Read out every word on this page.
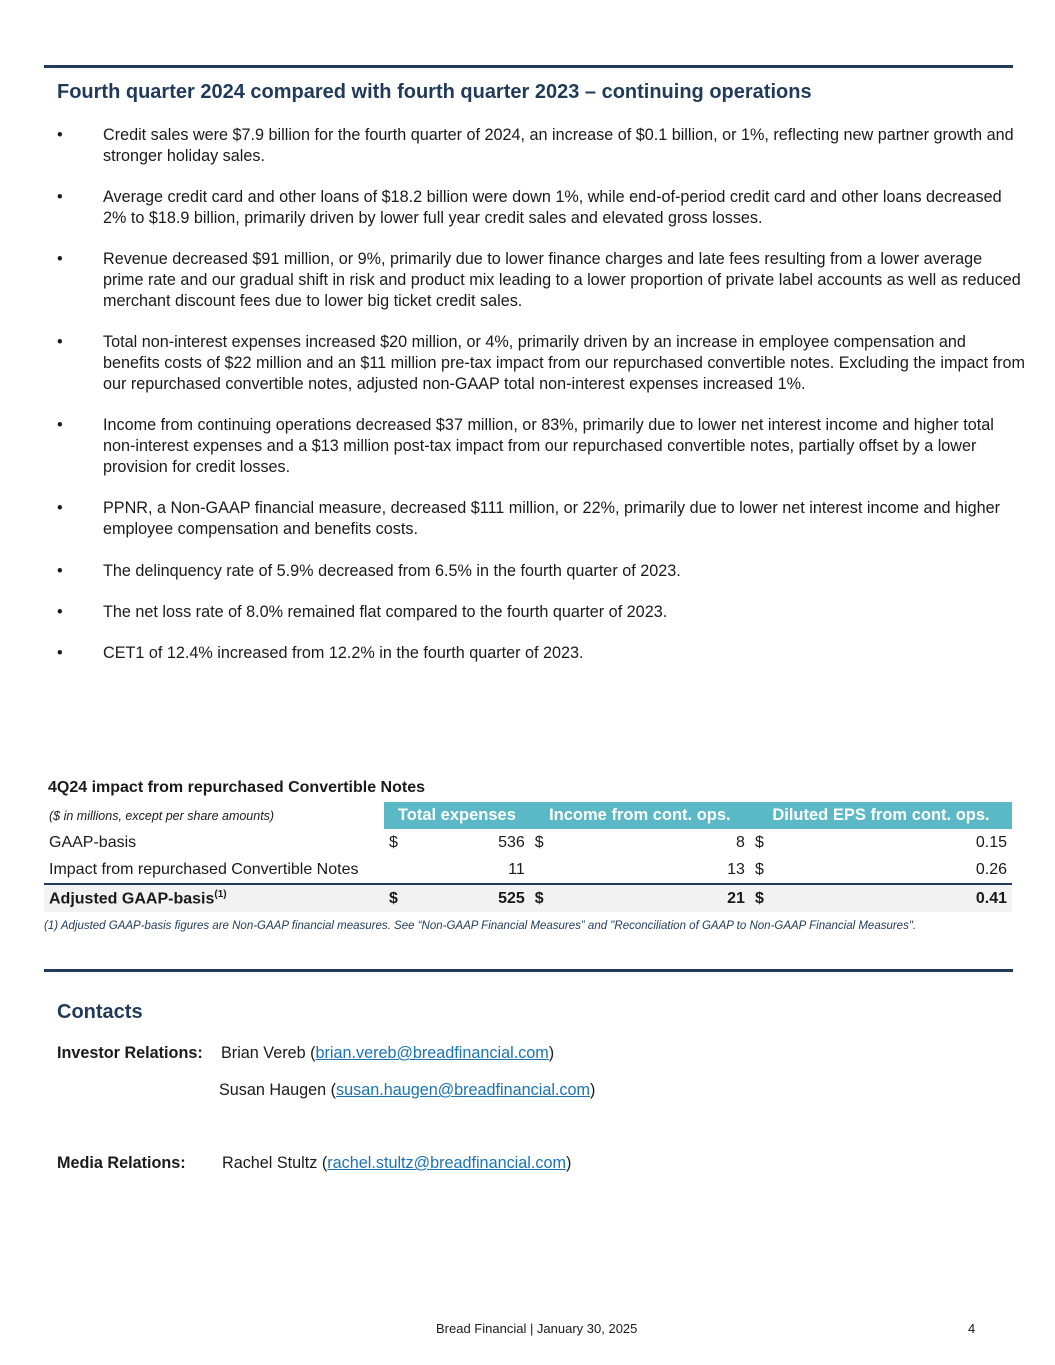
Fourth quarter 2024 compared with fourth quarter 2023 – continuing operations
• Credit sales were $7.9 billion for the fourth quarter of 2024, an increase of $0.1 billion, or 1%, reflecting new partner growth and stronger holiday sales.
• Average credit card and other loans of $18.2 billion were down 1%, while end-of-period credit card and other loans decreased 2% to $18.9 billion, primarily driven by lower full year credit sales and elevated gross losses.
• Revenue decreased $91 million, or 9%, primarily due to lower finance charges and late fees resulting from a lower average prime rate and our gradual shift in risk and product mix leading to a lower proportion of private label accounts as well as reduced merchant discount fees due to lower big ticket credit sales.
• Total non-interest expenses increased $20 million, or 4%, primarily driven by an increase in employee compensation and benefits costs of $22 million and an $11 million pre-tax impact from our repurchased convertible notes. Excluding the impact from our repurchased convertible notes, adjusted non-GAAP total non-interest expenses increased 1%.
• Income from continuing operations decreased $37 million, or 83%, primarily due to lower net interest income and higher total non-interest expenses and a $13 million post-tax impact from our repurchased convertible notes, partially offset by a lower provision for credit losses.
• PPNR, a Non-GAAP financial measure, decreased $111 million, or 22%, primarily due to lower net interest income and higher employee compensation and benefits costs.
• The delinquency rate of 5.9% decreased from 6.5% in the fourth quarter of 2023.
• The net loss rate of 8.0% remained flat compared to the fourth quarter of 2023.
• CET1 of 12.4% increased from 12.2% in the fourth quarter of 2023.
4Q24 impact from repurchased Convertible Notes
($ in millions, except per share amounts)	Total expenses		Income from cont. ops.		Diluted EPS from cont. ops.	
GAAP-basis	$	536	$	8	$	0.15
Impact from repurchased Convertible Notes		11		13	$	0.26
Adjusted GAAP-basis$^{(1)}$	$	525	$	21	$	0.41
(1) Adjusted GAAP-basis figures are Non-GAAP financial measures. See “Non-GAAP Financial Measures” and "Reconciliation of GAAP to Non-GAAP Financial Measures".
Contacts
Investor Relations: Brian Vereb (brian.vereb@breadfinancial.com)
Susan Haugen (susan.haugen@breadfinancial.com)
Media Relations: Rachel Stultz (rachel.stultz@breadfinancial.com)
Bread Financial | January 30, 2025	4
